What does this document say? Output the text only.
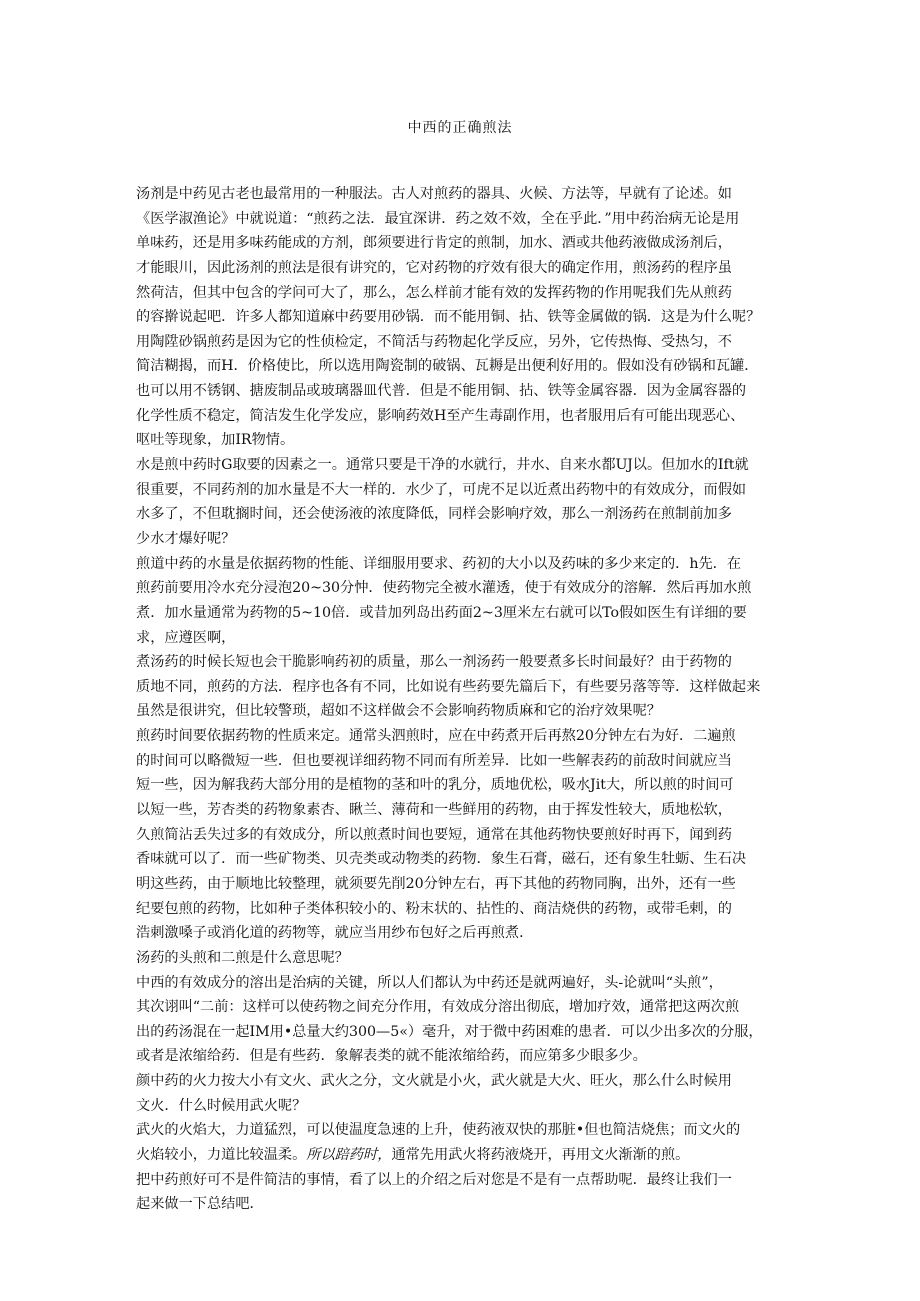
中西的正确煎法
汤剂是中药见古老也最常用的一种服法。古人对煎药的器具、火候、方法等，早就有了论述。如
《医学淑渔论》中就说道：“煎药之法．最宜深讲．药之效不效，全在乎此．”用中药治病无论是用
单味药，还是用多味药能成的方剂，郎须要进行肯定的煎制，加水、酒或共他药液做成汤剂后，
才能眼川，因此汤剂的煎法是很有讲究的，它对药物的疗效有很大的确定作用，煎汤药的程序虽
然荷洁，但其中包含的学问可大了，那么，怎么样前才能有效的发挥药物的作用呢我们先从煎药
的容擀说起吧．许多人都知道麻中药要用砂锅．而不能用铜、拈、铁等金属做的锅．这是为什么呢？
用陶陞砂锅煎药是因为它的性侦检定，不简活与药物起化学反应，另外，它传热悔、受热匀，不
简洁糊揭，而H．价格使比，所以选用陶瓷制的破锅、瓦耨是出便利好用的。假如没有砂锅和瓦罐．
也可以用不锈钢、搪废制品或玻璃器皿代普．但是不能用铜、拈、铁等金属容器．因为金属容器的
化学性质不稳定，简洁发生化学发应，影响药效H至产生毒副作用，也者服用后有可能出现恶心、
呕吐等现象，加IR物情。
水是煎中药时G取要的因素之一。通常只要是干净的水就行，井水、自来水都UJ以。但加水的Ift就
很重要，不同药剂的加水量是不大一样的．水少了，可虎不足以近煮出药物中的有效成分，而假如
水多了，不但耽搁时间，还会使汤液的浓度降低，同样会影响疗效，那么一剂汤药在煎制前加多
少水才爆好呢？
煎道中药的水量是依据药物的性能、详细服用要求、药初的大小以及药味的多少来定的．h先．在
煎药前要用冷水充分浸泡20~30分忡．使药物完全被水灌透，使于有效成分的溶解．然后再加水煎
煮．加水量通常为药物的5~10倍．或昔加列岛出药面2~3厘米左右就可以To假如医生有详细的要
求，应遵医啊，
煮汤药的时候长短也会干脆影响药初的质量，那么一剂汤药一般要煮多长时间最好？由于药物的
质地不同，煎药的方法．程序也各有不同，比如说有些药要先篇后下，有些要另落等等．这样做起来
虽然是很讲究，但比较警琐，超如不这样做会不会影响药物质麻和它的治疗效果呢？
煎药时间要依据药物的性质来定。通常头泗煎时，应在中药煮开后再熬20分钟左右为好．二遍煎
的时间可以略微短一些．但也要视详细药物不同而有所差异．比如一些解表药的前敌时间就应当
短一些，因为解我药大部分用的是植物的茎和叶的乳分，质地优松，吸水Jit大，所以煎的时间可
以短一些，芳杏类的药物象素杏、瞅兰、薄荷和一些鲜用的药物，由于挥发性较大，质地松软，
久煎简沾丢失过多的有效成分，所以煎煮时间也要短，通常在其他药物快要煎好时再下，闻到药
香味就可以了．而一些矿物类、贝壳类或动物类的药物．象生石膏，磁石，还有象生牡蛎、生石决
明这些药，由于顺地比较整理，就须要先削20分钟左右，再下其他的药物同胸，出外，还有一些
纪要包煎的药物，比如种子类体积较小的、粉末状的、拈性的、商洁烧供的药物，或带毛剌，的
浩刺激嗓子或消化道的药物等，就应当用纱布包好之后再煎煮．
汤药的头煎和二煎是什么意思呢？
中西的有效成分的溶出是治病的关键，所以人们都认为中药还是就两遍好，头-论就叫“头煎”，
其次诩叫“二前：这样可以使药物之间充分作用，有效成分溶出彻底，增加疗效，通常把这两次煎
出的药汤混在一起IM用•总量大约300—5«）毫升，对于微中药困难的患者．可以少出多次的分服，
或者是浓缩给药．但是有些药．象解表类的就不能浓缩给药，而应第多少眼多少。
颜中药的火力按大小有文火、武火之分，文火就是小火，武火就是大火、旺火，那么什么时候用
文火．什么时候用武火呢？
武火的火焰大，力道猛烈，可以使温度急速的上升，使药液双快的那脏•但也简洁烧焦；而文火的
火焰较小，力道比较温柔。所以踣药时，通常先用武火将药液烧开，再用文火渐渐的煎。
把中药煎好可不是件简洁的事情，看了以上的介绍之后对您是不是有一点帮助呢．最终让我们一
起来做一下总结吧．
